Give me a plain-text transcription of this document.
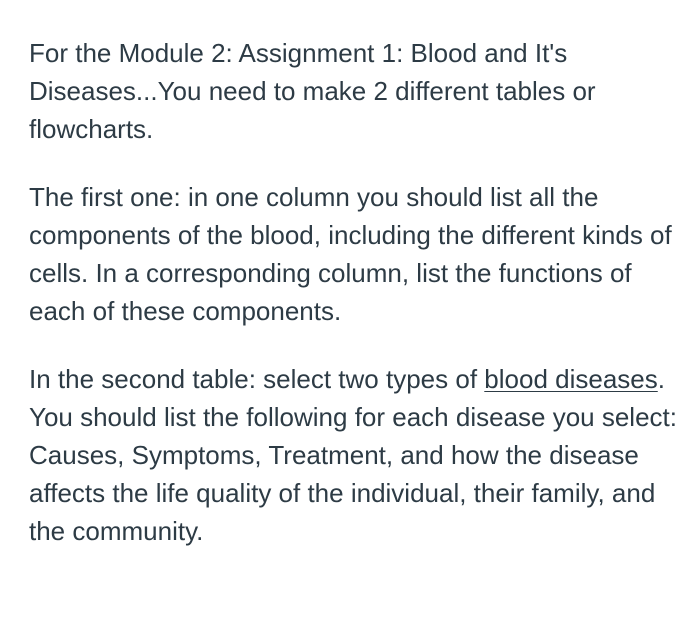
For the Module 2: Assignment 1: Blood and It's Diseases...You need to make 2 different tables or flowcharts.

The first one: in one column you should list all the components of the blood, including the different kinds of cells. In a corresponding column, list the functions of each of these components.

In the second table: select two types of blood diseases. You should list the following for each disease you select: Causes, Symptoms, Treatment, and how the disease affects the life quality of the individual, their family, and the community.
